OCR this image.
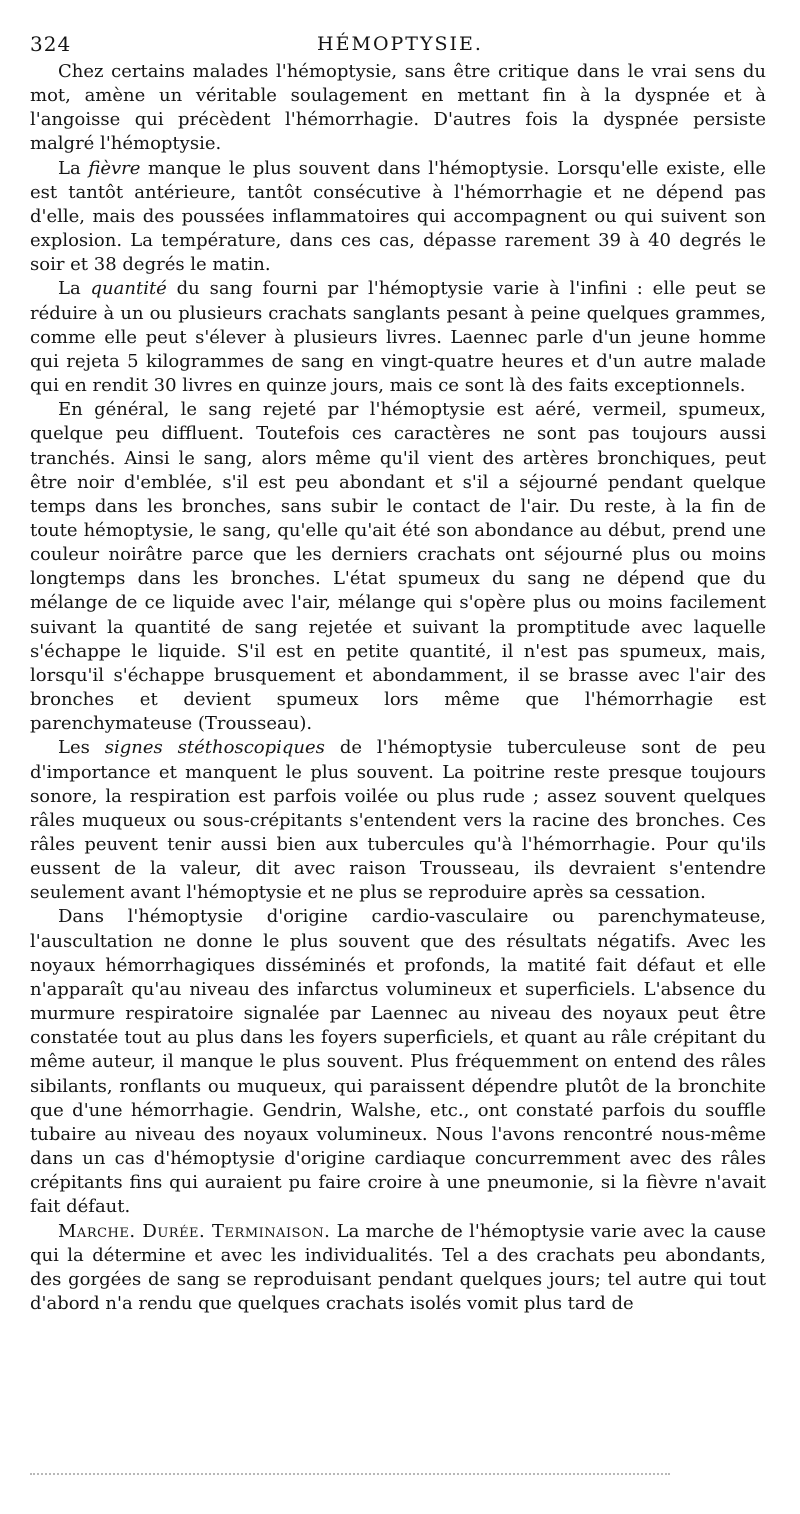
324	HÉMOPTYSIE.

Chez certains malades l'hémoptysie, sans être critique dans le vrai sens du mot, amène un véritable soulagement en mettant fin à la dyspnée et à l'angoisse qui précèdent l'hémorrhagie. D'autres fois la dyspnée persiste malgré l'hémoptysie.

La fièvre manque le plus souvent dans l'hémoptysie. Lorsqu'elle existe, elle est tantôt antérieure, tantôt consécutive à l'hémorrhagie et ne dépend pas d'elle, mais des poussées inflammatoires qui accompagnent ou qui suivent son explosion. La température, dans ces cas, dépasse rarement 39 à 40 degrés le soir et 38 degrés le matin.

La quantité du sang fourni par l'hémoptysie varie à l'infini : elle peut se réduire à un ou plusieurs crachats sanglants pesant à peine quelques grammes, comme elle peut s'élever à plusieurs livres. Laennec parle d'un jeune homme qui rejeta 5 kilogrammes de sang en vingt-quatre heures et d'un autre malade qui en rendit 30 livres en quinze jours, mais ce sont là des faits exceptionnels.

En général, le sang rejeté par l'hémoptysie est aéré, vermeil, spumeux, quelque peu diffluent. Toutefois ces caractères ne sont pas toujours aussi tranchés. Ainsi le sang, alors même qu'il vient des artères bronchiques, peut être noir d'emblée, s'il est peu abondant et s'il a séjourné pendant quelque temps dans les bronches, sans subir le contact de l'air. Du reste, à la fin de toute hémoptysie, le sang, qu'elle qu'ait été son abondance au début, prend une couleur noirâtre parce que les derniers crachats ont séjourné plus ou moins longtemps dans les bronches. L'état spumeux du sang ne dépend que du mélange de ce liquide avec l'air, mélange qui s'opère plus ou moins facilement suivant la quantité de sang rejetée et suivant la promptitude avec laquelle s'échappe le liquide. S'il est en petite quantité, il n'est pas spumeux, mais, lorsqu'il s'échappe brusquement et abondamment, il se brasse avec l'air des bronches et devient spumeux lors même que l'hémorrhagie est parenchymateuse (Trousseau).

Les signes stéthoscopiques de l'hémoptysie tuberculeuse sont de peu d'importance et manquent le plus souvent. La poitrine reste presque toujours sonore, la respiration est parfois voilée ou plus rude ; assez souvent quelques râles muqueux ou sous-crépitants s'entendent vers la racine des bronches. Ces râles peuvent tenir aussi bien aux tubercules qu'à l'hémorrhagie. Pour qu'ils eussent de la valeur, dit avec raison Trousseau, ils devraient s'entendre seulement avant l'hémoptysie et ne plus se reproduire après sa cessation.

Dans l'hémoptysie d'origine cardio-vasculaire ou parenchymateuse, l'auscultation ne donne le plus souvent que des résultats négatifs. Avec les noyaux hémorrhagiques disséminés et profonds, la matité fait défaut et elle n'apparaît qu'au niveau des infarctus volumineux et superficiels. L'absence du murmure respiratoire signalée par Laennec au niveau des noyaux peut être constatée tout au plus dans les foyers superficiels, et quant au râle crépitant du même auteur, il manque le plus souvent. Plus fréquemment on entend des râles sibilants, ronflants ou muqueux, qui paraissent dépendre plutôt de la bronchite que d'une hémorrhagie. Gendrin, Walshe, etc., ont constaté parfois du souffle tubaire au niveau des noyaux volumineux. Nous l'avons rencontré nous-même dans un cas d'hémoptysie d'origine cardiaque concurremment avec des râles crépitants fins qui auraient pu faire croire à une pneumonie, si la fièvre n'avait fait défaut.

Marche. Durée. Terminaison. La marche de l'hémoptysie varie avec la cause qui la détermine et avec les individualités. Tel a des crachats peu abondants, des gorgées de sang se reproduisant pendant quelques jours; tel autre qui tout d'abord n'a rendu que quelques crachats isolés vomit plus tard de
